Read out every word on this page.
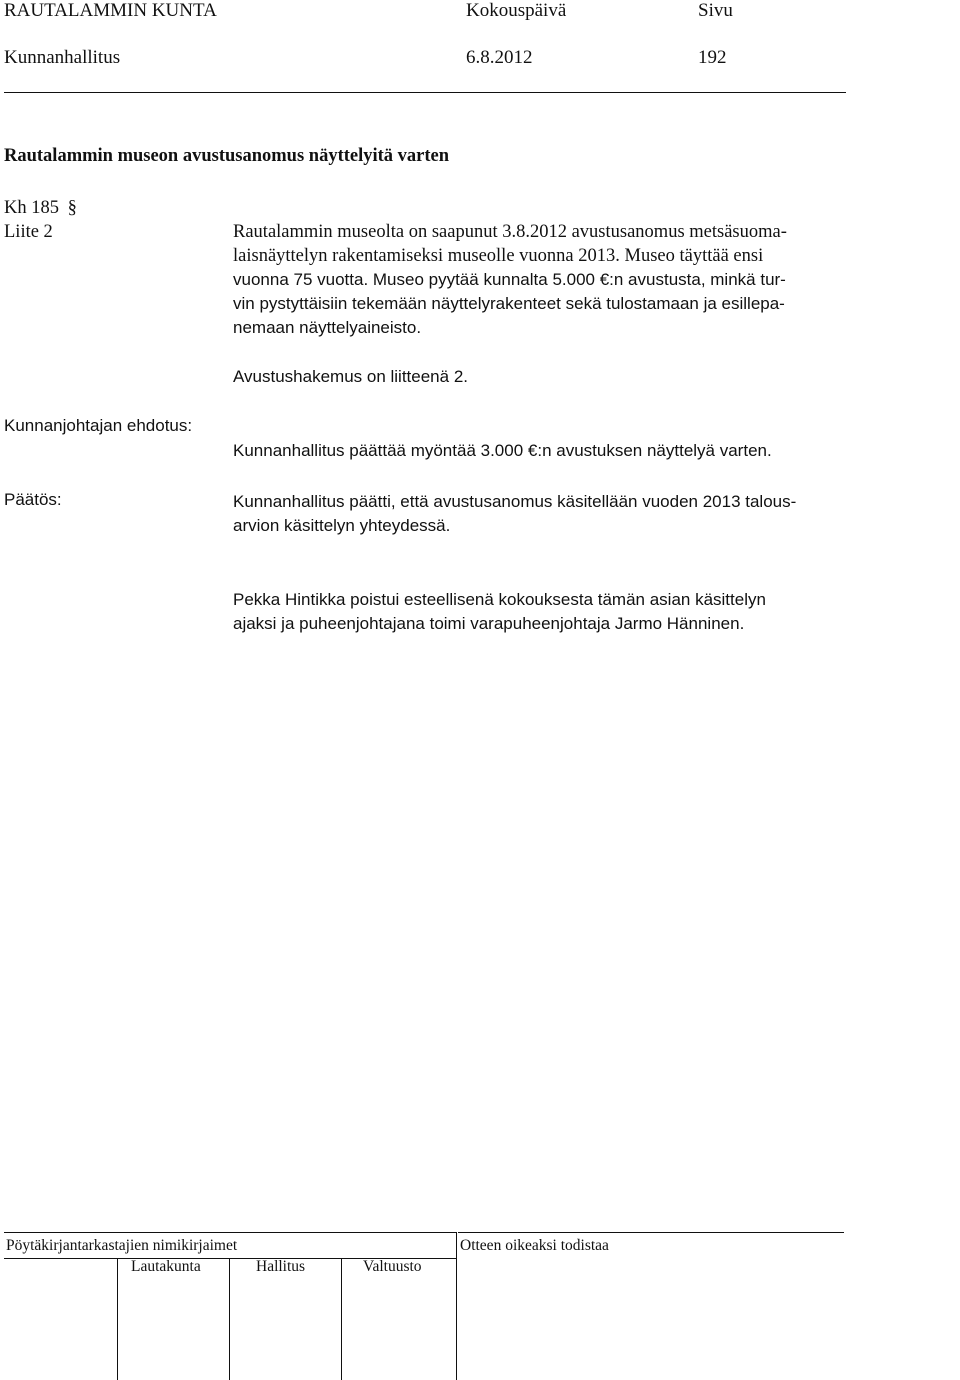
RAUTALAMMIN KUNTA	Kokouspäivä	Sivu
Kunnanhallitus	6.8.2012	192
Rautalammin museon avustusanomus näyttelyitä varten
Kh 185 §
Liite 2	Rautalammin museolta on saapunut 3.8.2012 avustusanomus metsäsuoma-
laisnäyttelyn rakentamiseksi museolle vuonna 2013. Museo täyttää ensi
vuonna 75 vuotta. Museo pyytää kunnalta 5.000 €:n avustusta, minkä tur-
vin pystyttäisiin tekemään näyttelyrakenteet sekä tulostamaan ja esillepa-
nemaan näyttelyaineisto.
Avustushakemus on liitteenä 2.
Kunnanjohtajan ehdotus:
Kunnanhallitus päättää myöntää 3.000 €:n avustuksen näyttelyä varten.
Päätös:	Kunnanhallitus päätti, että avustusanomus käsitellään vuoden 2013 talous-
arvion käsittelyn yhteydessä.
Pekka Hintikka poistui esteellisenä kokouksesta tämän asian käsittelyn
ajaksi ja puheenjohtajana toimi varapuheenjohtaja Jarmo Hänninen.
Pöytäkirjantarkastajien nimikirjaimet	Otteen oikeaksi todistaa
Lautakunta	Hallitus	Valtuusto
